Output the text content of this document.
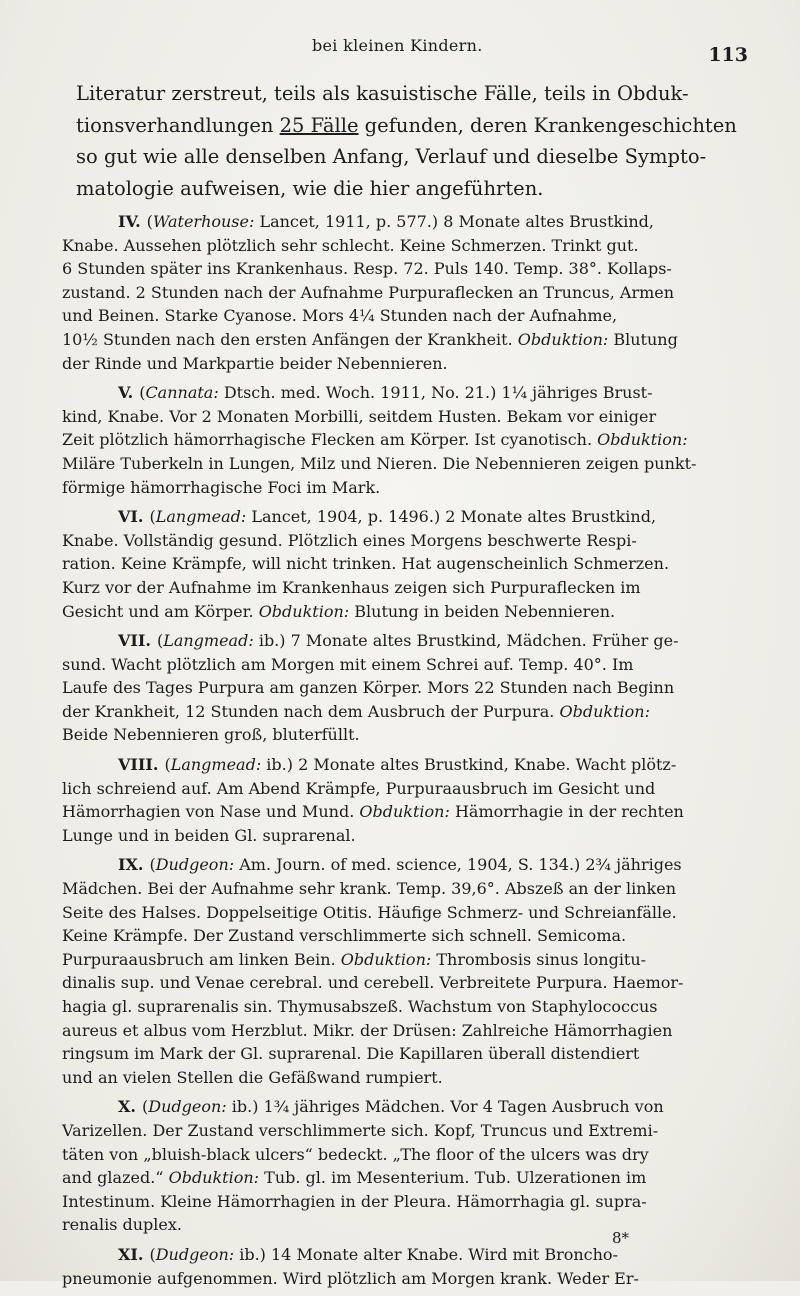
bei kleinen Kindern.	113

Literatur zerstreut, teils als kasuistische Fälle, teils in Obduk-
tionsverhandlungen 25 Fälle gefunden, deren Krankengeschichten
so gut wie alle denselben Anfang, Verlauf und dieselbe Sympto-
matologie aufweisen, wie die hier angeführten.

IV. (Waterhouse: Lancet, 1911, p. 577.) 8 Monate altes Brustkind,
Knabe. Aussehen plötzlich sehr schlecht. Keine Schmerzen. Trinkt gut.
6 Stunden später ins Krankenhaus. Resp. 72. Puls 140. Temp. 38°. Kollaps-
zustand. 2 Stunden nach der Aufnahme Purpuraflecken an Truncus, Armen
und Beinen. Starke Cyanose. Mors 4¼ Stunden nach der Aufnahme,
10½ Stunden nach den ersten Anfängen der Krankheit. Obduktion: Blutung
der Rinde und Markpartie beider Nebennieren.

V. (Cannata: Dtsch. med. Woch. 1911, No. 21.) 1¼ jähriges Brust-
kind, Knabe. Vor 2 Monaten Morbilli, seitdem Husten. Bekam vor einiger
Zeit plötzlich hämorrhagische Flecken am Körper. Ist cyanotisch. Obduktion:
Miläre Tuberkeln in Lungen, Milz und Nieren. Die Nebennieren zeigen punkt-
förmige hämorrhagische Foci im Mark.

VI. (Langmead: Lancet, 1904, p. 1496.) 2 Monate altes Brustkind,
Knabe. Vollständig gesund. Plötzlich eines Morgens beschwerte Respi-
ration. Keine Krämpfe, will nicht trinken. Hat augenscheinlich Schmerzen.
Kurz vor der Aufnahme im Krankenhaus zeigen sich Purpuraflecken im
Gesicht und am Körper. Obduktion: Blutung in beiden Nebennieren.

VII. (Langmead: ib.) 7 Monate altes Brustkind, Mädchen. Früher ge-
sund. Wacht plötzlich am Morgen mit einem Schrei auf. Temp. 40°. Im
Laufe des Tages Purpura am ganzen Körper. Mors 22 Stunden nach Beginn
der Krankheit, 12 Stunden nach dem Ausbruch der Purpura. Obduktion:
Beide Nebennieren groß, bluterfüllt.

VIII. (Langmead: ib.) 2 Monate altes Brustkind, Knabe. Wacht plötz-
lich schreiend auf. Am Abend Krämpfe, Purpuraausbruch im Gesicht und
Hämorrhagien von Nase und Mund. Obduktion: Hämorrhagie in der rechten
Lunge und in beiden Gl. suprarenal.

IX. (Dudgeon: Am. Journ. of med. science, 1904, S. 134.) 2¾ jähriges
Mädchen. Bei der Aufnahme sehr krank. Temp. 39,6°. Abszeß an der linken
Seite des Halses. Doppelseitige Otitis. Häufige Schmerz- und Schreianfälle.
Keine Krämpfe. Der Zustand verschlimmerte sich schnell. Semicoma.
Purpuraausbruch am linken Bein. Obduktion: Thrombosis sinus longitu-
dinalis sup. und Venae cerebral. und cerebell. Verbreitete Purpura. Haemor-
hagia gl. suprarenalis sin. Thymusabszeß. Wachstum von Staphylococcus
aureus et albus vom Herzblut. Mikr. der Drüsen: Zahlreiche Hämorrhagien
ringsum im Mark der Gl. suprarenal. Die Kapillaren überall distendiert
und an vielen Stellen die Gefäßwand rumpiert.

X. (Dudgeon: ib.) 1¾ jähriges Mädchen. Vor 4 Tagen Ausbruch von
Varizellen. Der Zustand verschlimmerte sich. Kopf, Truncus und Extremi-
täten von „bluish-black ulcers“ bedeckt. „The floor of the ulcers was dry
and glazed.“ Obduktion: Tub. gl. im Mesenterium. Tub. Ulzerationen im
Intestinum. Kleine Hämorrhagien in der Pleura. Hämorrhagia gl. supra-
renalis duplex.

XI. (Dudgeon: ib.) 14 Monate alter Knabe. Wird mit Broncho-
pneumonie aufgenommen. Wird plötzlich am Morgen krank. Weder Er-

8*
